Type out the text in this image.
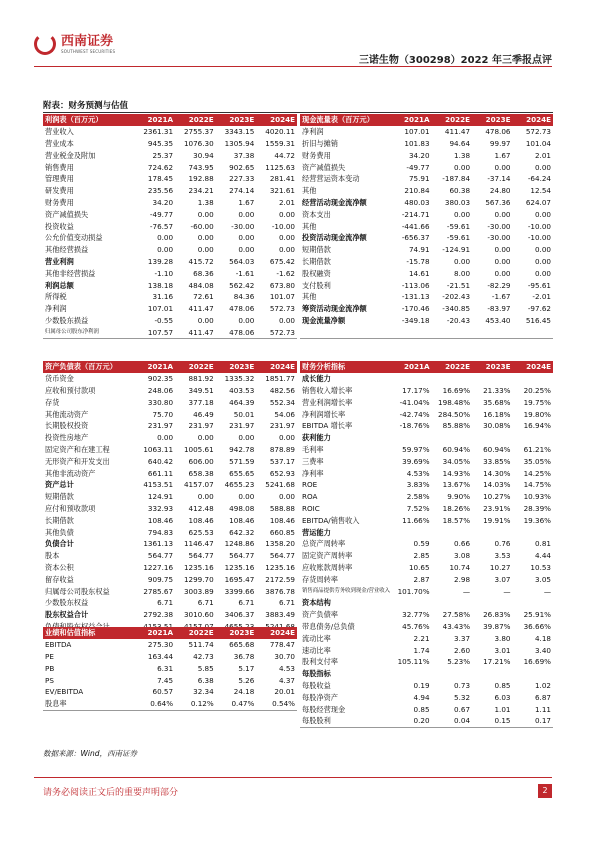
西南证券
SOUTHWEST SECURITIES
三诺生物（300298）2022 年三季报点评
附表：财务预测与估值
利润表（百万元）	2021A	2022E	2023E	2024E
营业收入	2361.31	2755.37	3343.15	4020.11
营业成本	945.35	1076.30	1305.94	1559.31
营业税金及附加	25.37	30.94	37.38	44.72
销售费用	724.62	743.95	902.65	1125.63
管理费用	178.45	192.88	227.33	281.41
研发费用	235.56	234.21	274.14	321.61
财务费用	34.20	1.38	1.67	2.01
资产减值损失	-49.77	0.00	0.00	0.00
投资收益	-76.57	-60.00	-30.00	-10.00
公允价值变动损益	0.00	0.00	0.00	0.00
其他经营损益	0.00	0.00	0.00	0.00
营业利润	139.28	415.72	564.03	675.42
其他非经营损益	-1.10	68.36	-1.61	-1.62
利润总额	138.18	484.08	562.42	673.80
所得税	31.16	72.61	84.36	101.07
净利润	107.01	411.47	478.06	572.73
少数股东损益	-0.55	0.00	0.00	0.00
归属母公司股东净利润	107.57	411.47	478.06	572.73
现金流量表（百万元）	2021A	2022E	2023E	2024E
净利润	107.01	411.47	478.06	572.73
折旧与摊销	101.83	94.64	99.97	101.04
财务费用	34.20	1.38	1.67	2.01
资产减值损失	-49.77	0.00	0.00	0.00
经营营运资本变动	75.91	-187.84	-37.14	-64.24
其他	210.84	60.38	24.80	12.54
经营活动现金流净额	480.03	380.03	567.36	624.07
资本支出	-214.71	0.00	0.00	0.00
其他	-441.66	-59.61	-30.00	-10.00
投资活动现金流净额	-656.37	-59.61	-30.00	-10.00
短期借款	74.91	-124.91	0.00	0.00
长期借款	-15.78	0.00	0.00	0.00
股权融资	14.61	8.00	0.00	0.00
支付股利	-113.06	-21.51	-82.29	-95.61
其他	-131.13	-202.43	-1.67	-2.01
筹资活动现金流净额	-170.46	-340.85	-83.97	-97.62
现金流量净额	-349.18	-20.43	453.40	516.45

资产负债表（百万元）	2021A	2022E	2023E	2024E
货币资金	902.35	881.92	1335.32	1851.77
应收和预付款项	248.06	349.51	403.53	482.56
存货	330.80	377.18	464.39	552.34
其他流动资产	75.70	46.49	50.01	54.06
长期股权投资	231.97	231.97	231.97	231.97
投资性房地产	0.00	0.00	0.00	0.00
固定资产和在建工程	1063.11	1005.61	942.78	878.89
无形资产和开发支出	640.42	606.00	571.59	537.17
其他非流动资产	661.11	658.38	655.65	652.93
资产总计	4153.51	4157.07	4655.23	5241.68
短期借款	124.91	0.00	0.00	0.00
应付和预收款项	332.93	412.48	498.08	588.88
长期借款	108.46	108.46	108.46	108.46
其他负债	794.83	625.53	642.32	660.85
负债合计	1361.13	1146.47	1248.86	1358.20
股本	564.77	564.77	564.77	564.77
资本公积	1227.16	1235.16	1235.16	1235.16
留存收益	909.75	1299.70	1695.47	2172.59
归属母公司股东权益	2785.67	3003.89	3399.66	3876.78
少数股东权益	6.71	6.71	6.71	6.71
股东权益合计	2792.38	3010.60	3406.37	3883.49

财务分析指标	2021A	2022E	2023E	2024E
成长能力				
销售收入增长率	17.17%	16.69%	21.33%	20.25%
营业利润增长率	-41.04%	198.48%	35.68%	19.75%
净利润增长率	-42.74%	284.50%	16.18%	19.80%
EBITDA 增长率	-18.76%	85.88%	30.08%	16.94%
获利能力				
毛利率	59.97%	60.94%	60.94%	61.21%
三费率	39.69%	34.05%	33.85%	35.05%
净利率	4.53%	14.93%	14.30%	14.25%
ROE	3.83%	13.67%	14.03%	14.75%
ROA	2.58%	9.90%	10.27%	10.93%
ROIC	7.52%	18.26%	23.91%	28.39%
EBITDA/销售收入	11.66%	18.57%	19.91%	19.36%
营运能力				
总资产周转率	0.59	0.66	0.76	0.81
固定资产周转率	2.85	3.08	3.53	4.44
应收账款周转率	10.65	10.74	10.27	10.53
存货周转率	2.87	2.98	3.07	3.05
销售商品提供劳务收到现金/营业收入	101.70%	—	—	—
资本结构				
资产负债率	32.77%	27.58%	26.83%	25.91%
带息债务/总负债	45.76%	43.43%	39.87%	36.66%
流动比率	2.21	3.37	3.80	4.18
速动比率	1.74	2.60	3.01	3.40
股利支付率	105.11%	5.23%	17.21%	16.69%
每股指标				
每股收益	0.19	0.73	0.85	1.02
每股净资产	4.94	5.32	6.03	6.87
每股经营现金	0.85	0.67	1.01	1.11
每股股利	0.20	0.04	0.15	0.17
业绩和估值指标	2021A	2022E	2023E	2024E
EBITDA	275.30	511.74	665.68	778.47
PE	163.44	42.73	36.78	30.70
PB	6.31	5.85	5.17	4.53
PS	7.45	6.38	5.26	4.37
EV/EBITDA	60.57	32.34	24.18	20.01
股息率	0.64%	0.12%	0.47%	0.54%
数据来源：Wind，西南证券
请务必阅读正文后的重要声明部分	2
